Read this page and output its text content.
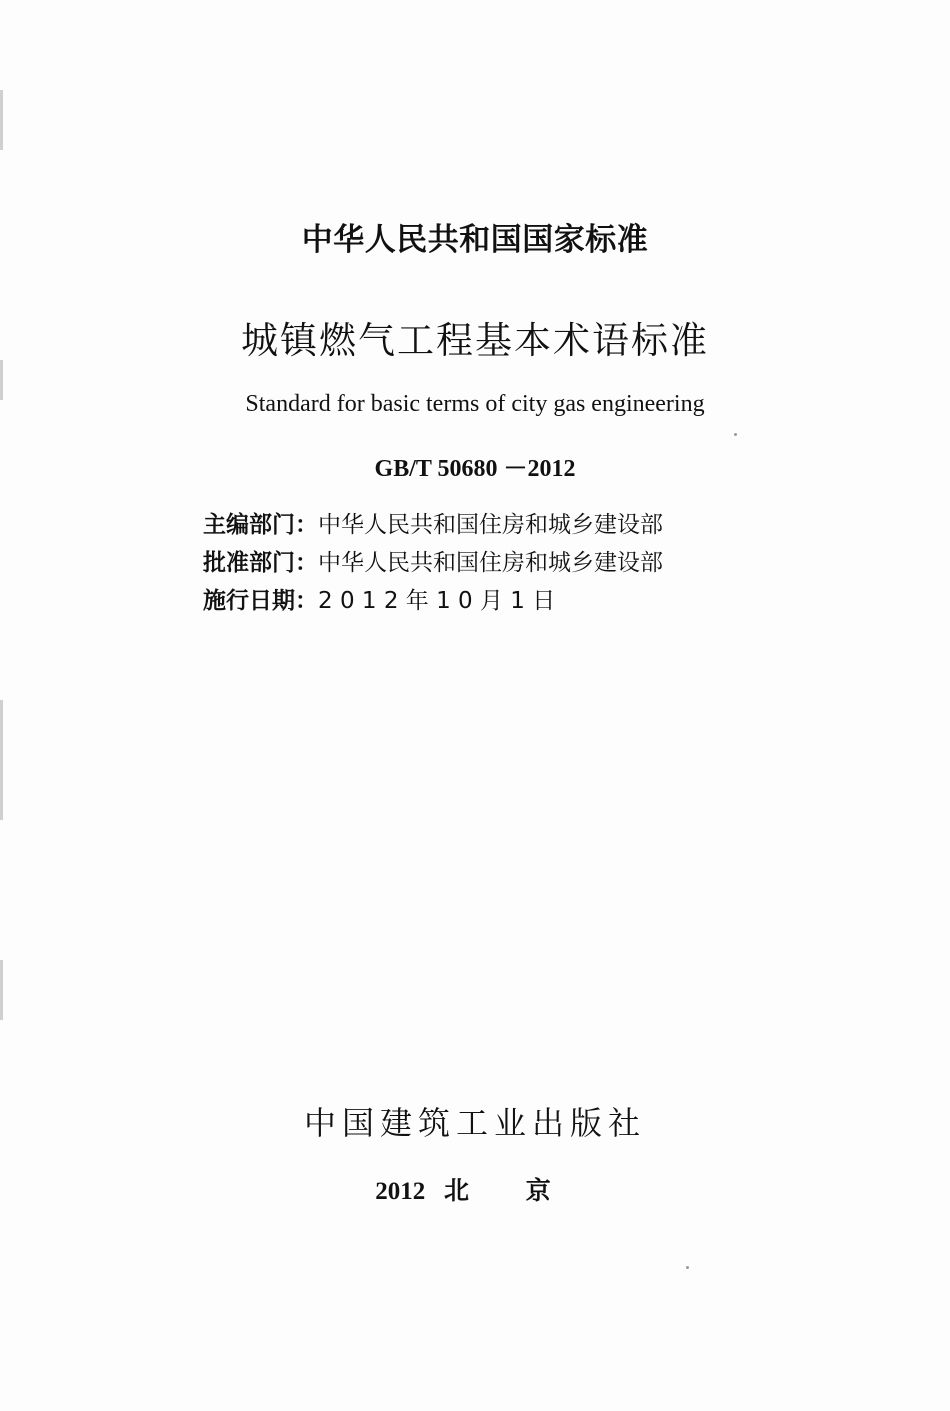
中华人民共和国国家标准
城镇燃气工程基本术语标准
Standard for basic terms of city gas engineering
GB/T 50680 －2012
主编部门：中华人民共和国住房和城乡建设部
批准部门：中华人民共和国住房和城乡建设部
施行日期：2 0 1 2 年 1 0 月 1 日
中国建筑工业出版社
2012 北 京
